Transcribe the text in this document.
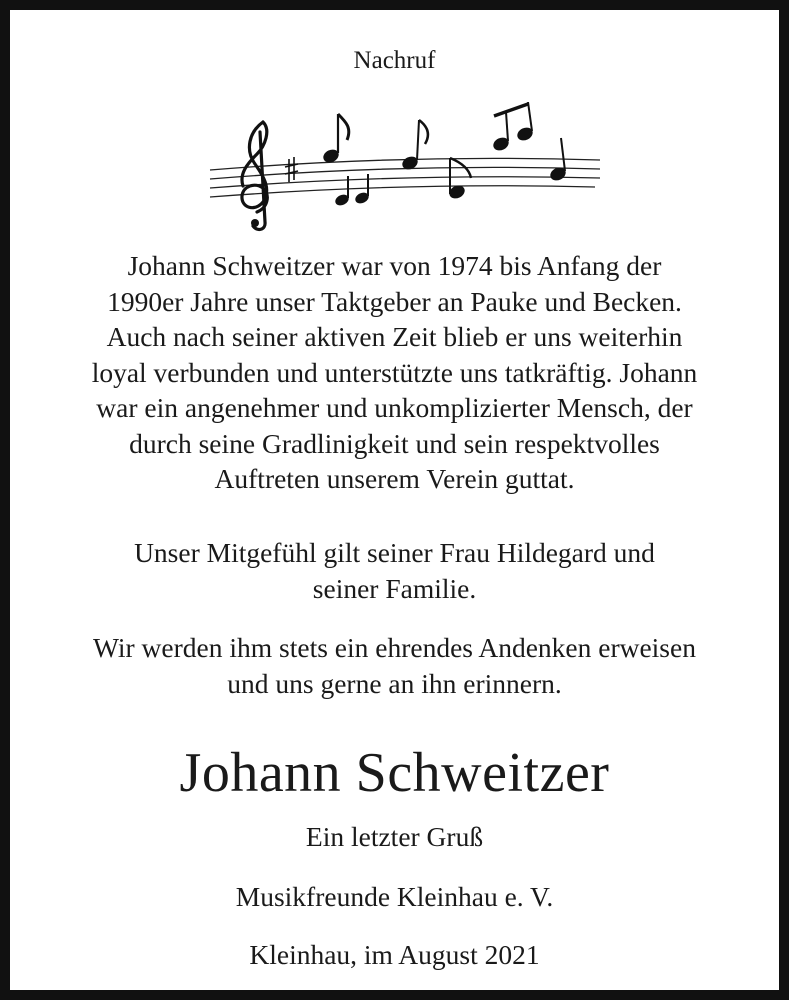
Nachruf
Johann Schweitzer war von 1974 bis Anfang der
1990er Jahre unser Taktgeber an Pauke und Becken.
Auch nach seiner aktiven Zeit blieb er uns weiterhin
loyal verbunden und unterstützte uns tatkräftig. Johann
war ein angenehmer und unkomplizierter Mensch, der
durch seine Gradlinigkeit und sein respektvolles
Auftreten unserem Verein guttat.
Unser Mitgefühl gilt seiner Frau Hildegard und
seiner Familie.
Wir werden ihm stets ein ehrendes Andenken erweisen
und uns gerne an ihn erinnern.
Johann Schweitzer
Ein letzter Gruß
Musikfreunde Kleinhau e. V.
Kleinhau, im August 2021
